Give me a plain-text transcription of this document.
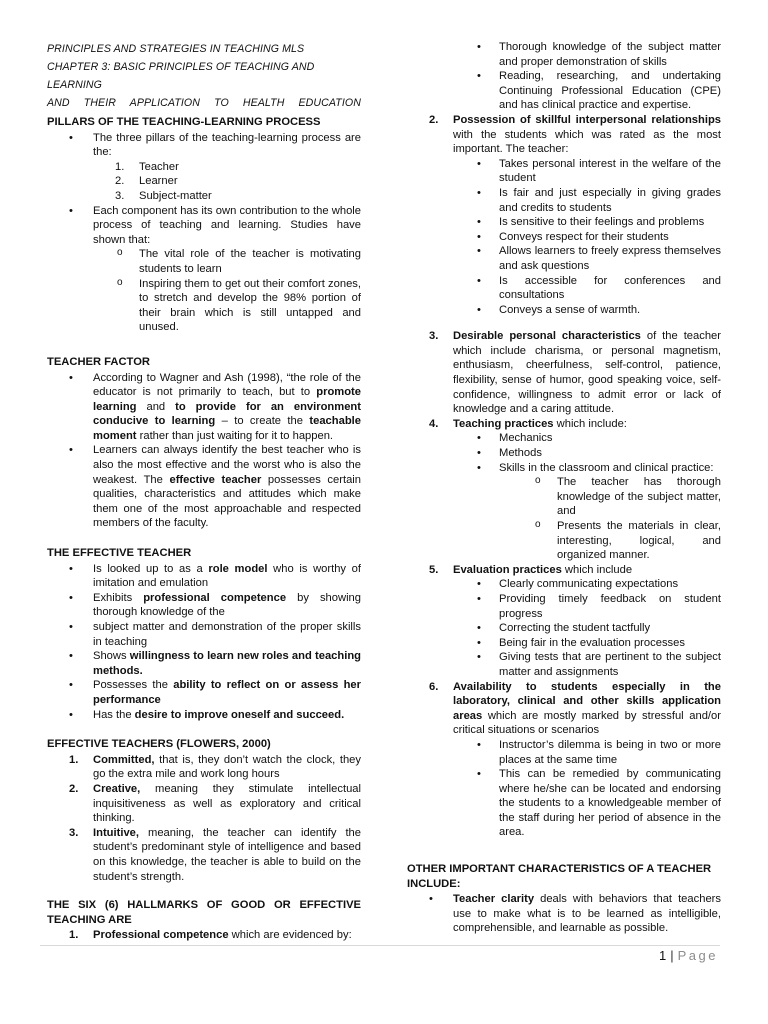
PRINCIPLES AND STRATEGIES IN TEACHING MLS
CHAPTER 3: BASIC PRINCIPLES OF TEACHING AND LEARNING
AND THEIR APPLICATION TO HEALTH EDUCATION
PILLARS OF THE TEACHING-LEARNING PROCESS
• The three pillars of the teaching-learning process are the:
1. Teacher
2. Learner
3. Subject-matter
• Each component has its own contribution to the whole process of teaching and learning. Studies have shown that:
o The vital role of the teacher is motivating students to learn
o Inspiring them to get out their comfort zones, to stretch and develop the 98% portion of their brain which is still untapped and unused.
TEACHER FACTOR
• According to Wagner and Ash (1998), “the role of the educator is not primarily to teach, but to promote learning and to provide for an environment conducive to learning – to create the teachable moment rather than just waiting for it to happen.
• Learners can always identify the best teacher who is also the most effective and the worst who is also the weakest. The effective teacher possesses certain qualities, characteristics and attitudes which make them one of the most approachable and respected members of the faculty.
THE EFFECTIVE TEACHER
• Is looked up to as a role model who is worthy of imitation and emulation
• Exhibits professional competence by showing thorough knowledge of the
• subject matter and demonstration of the proper skills in teaching
• Shows willingness to learn new roles and teaching methods.
• Possesses the ability to reflect on or assess her performance
• Has the desire to improve oneself and succeed.
EFFECTIVE TEACHERS (FLOWERS, 2000)
1. Committed, that is, they don’t watch the clock, they go the extra mile and work long hours
2. Creative, meaning they stimulate intellectual inquisitiveness as well as exploratory and critical thinking.
3. Intuitive, meaning, the teacher can identify the student’s predominant style of intelligence and based on this knowledge, the teacher is able to build on the student’s strength.
THE SIX (6) HALLMARKS OF GOOD OR EFFECTIVE TEACHING ARE
1. Professional competence which are evidenced by:
• Thorough knowledge of the subject matter and proper demonstration of skills
• Reading, researching, and undertaking Continuing Professional Education (CPE) and has clinical practice and expertise.
2. Possession of skillful interpersonal relationships with the students which was rated as the most important. The teacher:
• Takes personal interest in the welfare of the student
• Is fair and just especially in giving grades and credits to students
• Is sensitive to their feelings and problems
• Conveys respect for their students
• Allows learners to freely express themselves and ask questions
• Is accessible for conferences and consultations
• Conveys a sense of warmth.
3. Desirable personal characteristics of the teacher which include charisma, or personal magnetism, enthusiasm, cheerfulness, self-control, patience, flexibility, sense of humor, good speaking voice, self-confidence, willingness to admit error or lack of knowledge and a caring attitude.
4. Teaching practices which include:
• Mechanics
• Methods
• Skills in the classroom and clinical practice:
o The teacher has thorough knowledge of the subject matter, and
o Presents the materials in clear, interesting, logical, and organized manner.
5. Evaluation practices which include
• Clearly communicating expectations
• Providing timely feedback on student progress
• Correcting the student tactfully
• Being fair in the evaluation processes
• Giving tests that are pertinent to the subject matter and assignments
6. Availability to students especially in the laboratory, clinical and other skills application areas which are mostly marked by stressful and/or critical situations or scenarios
• Instructor’s dilemma is being in two or more places at the same time
• This can be remedied by communicating where he/she can be located and endorsing the students to a knowledgeable member of the staff during her period of absence in the area.
OTHER IMPORTANT CHARACTERISTICS OF A TEACHER INCLUDE:
• Teacher clarity deals with behaviors that teachers use to make what is to be learned as intelligible, comprehensible, and learnable as possible.
1 | Page
